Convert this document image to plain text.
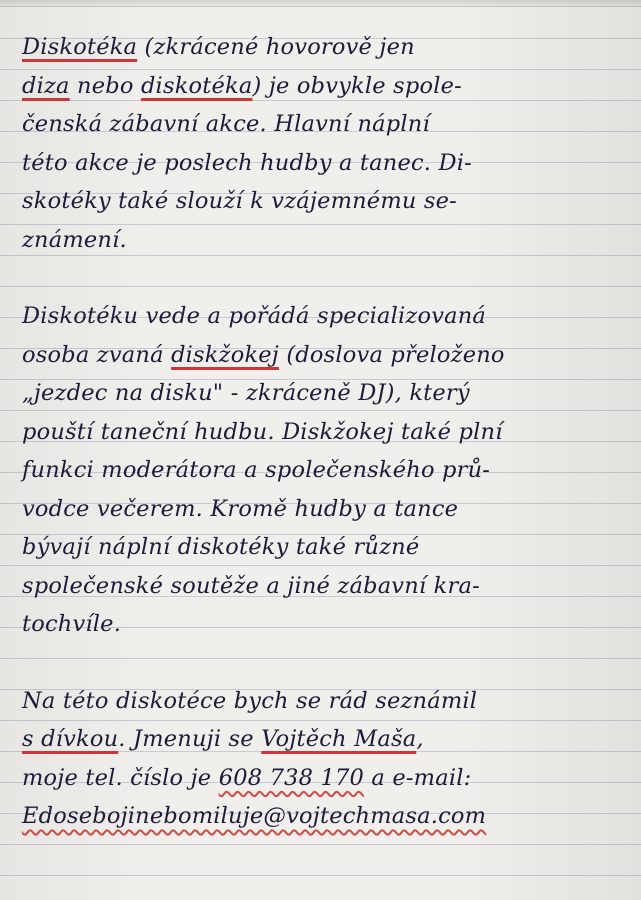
Diskotéka (zkrácené hovorově jen
diza nebo diskotéka) je obvykle spole-
čenská zábavní akce. Hlavní náplní
této akce je poslech hudby a tanec. Di-
skotéky také slouží k vzájemnému se-
známení.
Diskotéku vede a pořádá specializovaná
osoba zvaná diskžokej (doslova přeloženo
„jezdec na disku" - zkráceně DJ), který
pouští taneční hudbu. Diskžokej také plní
funkci moderátora a společenského prů-
vodce večerem. Kromě hudby a tance
bývají náplní diskotéky také různé
společenské soutěže a jiné zábavní kra-
tochvíle.
Na této diskotéce bych se rád seznámil
s dívkou. Jmenuji se Vojtěch Maša,
moje tel. číslo je 608 738 170 a e-mail:
Edosebojinebomilujе@vojtechmasa.com
